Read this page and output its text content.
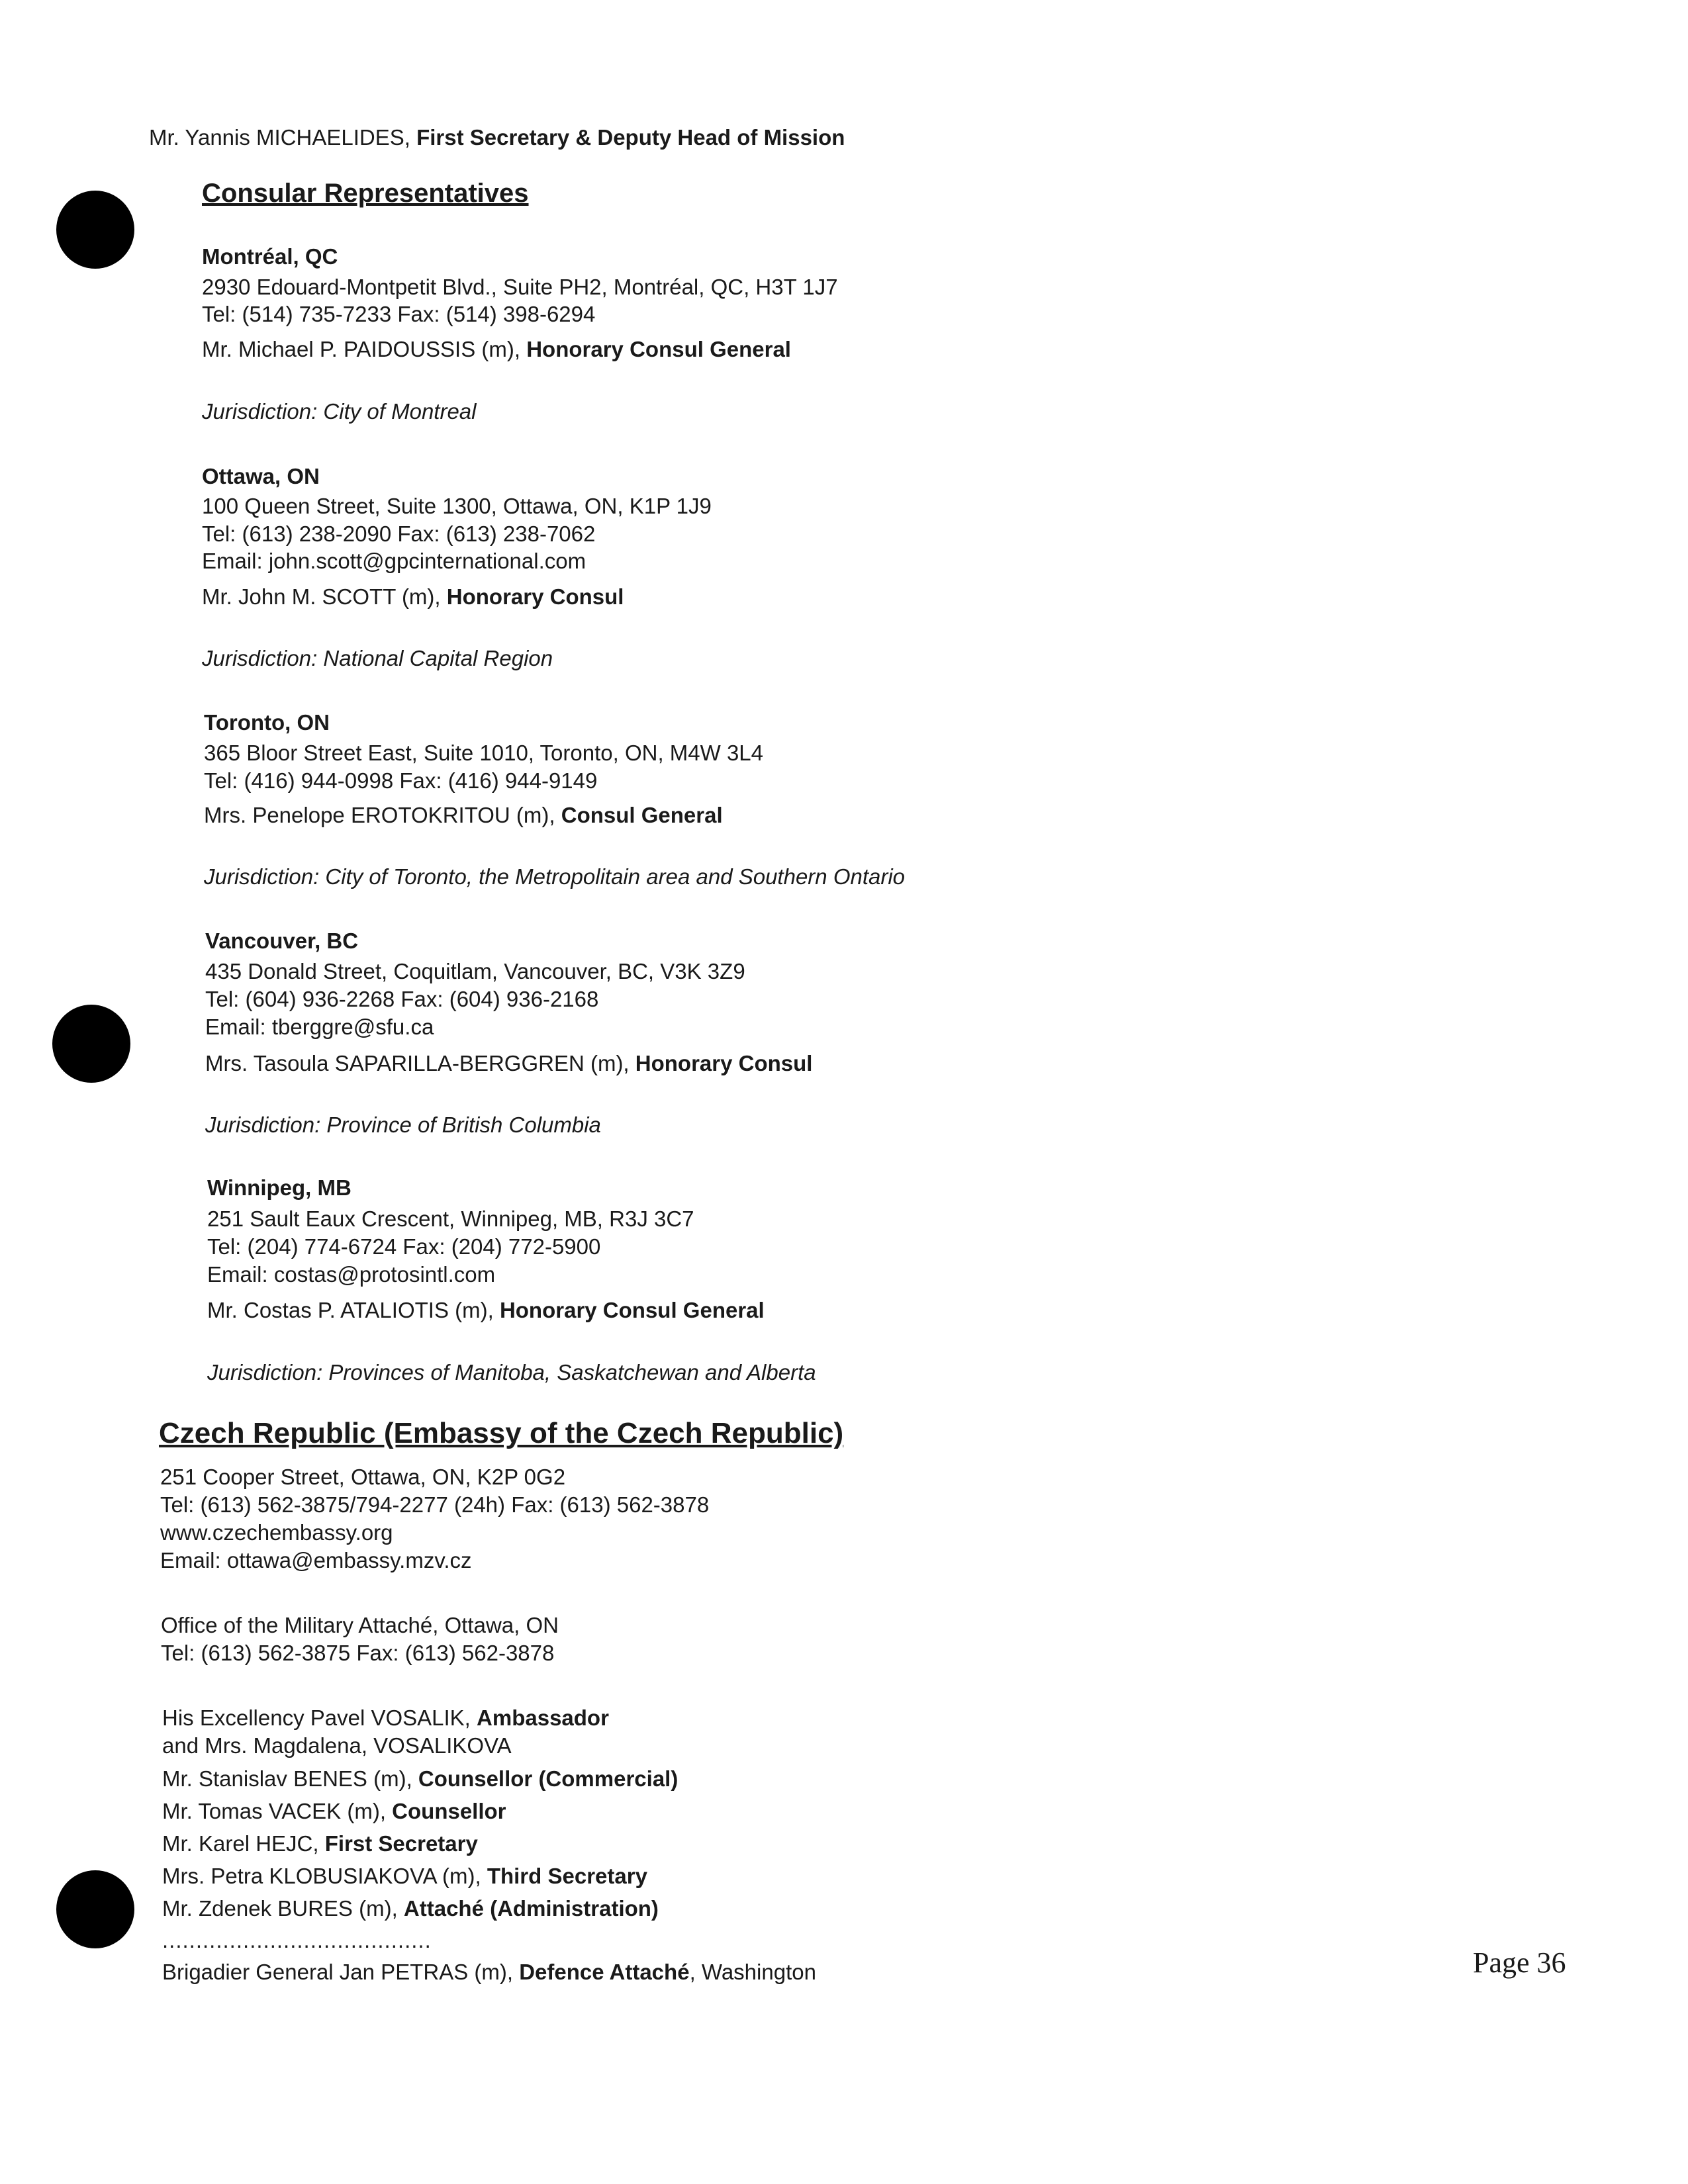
Mr. Yannis MICHAELIDES, First Secretary & Deputy Head of Mission
Consular Representatives
Montréal, QC
2930 Edouard-Montpetit Blvd., Suite PH2, Montréal, QC, H3T 1J7
Tel: (514) 735-7233 Fax: (514) 398-6294
Mr. Michael P. PAIDOUSSIS (m), Honorary Consul General
Jurisdiction: City of Montreal
Ottawa, ON
100 Queen Street, Suite 1300, Ottawa, ON, K1P 1J9
Tel: (613) 238-2090 Fax: (613) 238-7062
Email: john.scott@gpcinternational.com
Mr. John M. SCOTT (m), Honorary Consul
Jurisdiction: National Capital Region
Toronto, ON
365 Bloor Street East, Suite 1010, Toronto, ON, M4W 3L4
Tel: (416) 944-0998 Fax: (416) 944-9149
Mrs. Penelope EROTOKRITOU (m), Consul General
Jurisdiction: City of Toronto, the Metropolitain area and Southern Ontario
Vancouver, BC
435 Donald Street, Coquitlam, Vancouver, BC, V3K 3Z9
Tel: (604) 936-2268 Fax: (604) 936-2168
Email: tberggre@sfu.ca
Mrs. Tasoula SAPARILLA-BERGGREN (m), Honorary Consul
Jurisdiction: Province of British Columbia
Winnipeg, MB
251 Sault Eaux Crescent, Winnipeg, MB, R3J 3C7
Tel: (204) 774-6724 Fax: (204) 772-5900
Email: costas@protosintl.com
Mr. Costas P. ATALIOTIS (m), Honorary Consul General
Jurisdiction: Provinces of Manitoba, Saskatchewan and Alberta
Czech Republic (Embassy of the Czech Republic)
251 Cooper Street, Ottawa, ON, K2P 0G2
Tel: (613) 562-3875/794-2277 (24h) Fax: (613) 562-3878
www.czechembassy.org
Email: ottawa@embassy.mzv.cz
Office of the Military Attaché, Ottawa, ON
Tel: (613) 562-3875 Fax: (613) 562-3878
His Excellency Pavel VOSALIK, Ambassador
and Mrs. Magdalena, VOSALIKOVA
Mr. Stanislav BENES (m), Counsellor (Commercial)
Mr. Tomas VACEK (m), Counsellor
Mr. Karel HEJC, First Secretary
Mrs. Petra KLOBUSIAKOVA (m), Third Secretary
Mr. Zdenek BURES (m), Attaché (Administration)
........................................
Brigadier General Jan PETRAS (m), Defence Attaché, Washington	Page 36
